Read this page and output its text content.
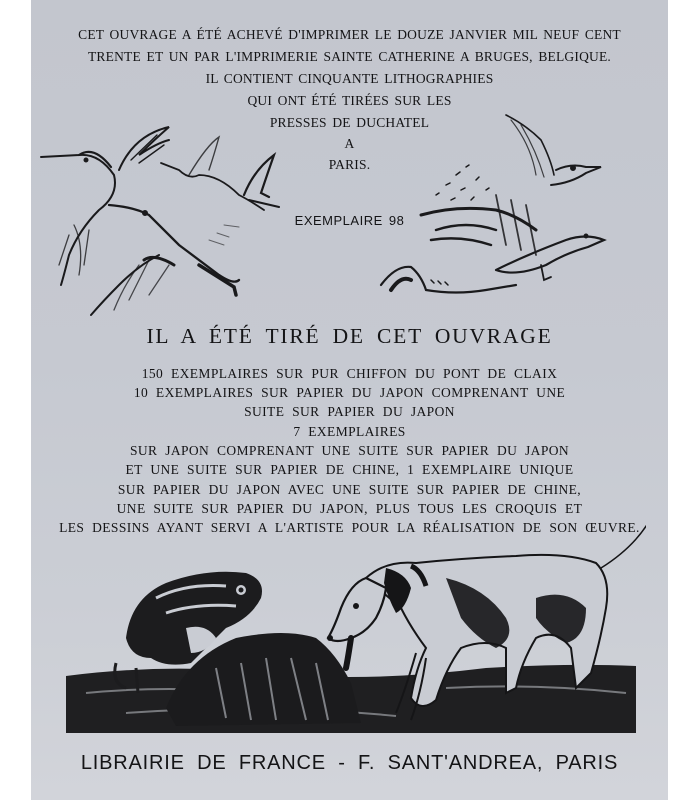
CET OUVRAGE A ÉTÉ ACHEVÉ D'IMPRIMER LE DOUZE JANVIER MIL NEUF CENT
TRENTE ET UN PAR L'IMPRIMERIE SAINTE CATHERINE A BRUGES, BELGIQUE.
IL CONTIENT CINQUANTE LITHOGRAPHIES
QUI ONT ÉTÉ TIRÉES SUR LES
PRESSES DE DUCHATEL
A
PARIS.
EXEMPLAIRE 98
IL A ÉTÉ TIRÉ DE CET OUVRAGE
150 EXEMPLAIRES SUR PUR CHIFFON DU PONT DE CLAIX
10 EXEMPLAIRES SUR PAPIER DU JAPON COMPRENANT UNE
SUITE SUR PAPIER DU JAPON
7 EXEMPLAIRES
SUR JAPON COMPRENANT UNE SUITE SUR PAPIER DU JAPON
ET UNE SUITE SUR PAPIER DE CHINE, 1 EXEMPLAIRE UNIQUE
SUR PAPIER DU JAPON AVEC UNE SUITE SUR PAPIER DE CHINE,
UNE SUITE SUR PAPIER DU JAPON, PLUS TOUS LES CROQUIS ET
LES DESSINS AYANT SERVI A L'ARTISTE POUR LA RÉALISATION DE SON ŒUVRE.
LIBRAIRIE DE FRANCE - F. SANT'ANDREA, PARIS
